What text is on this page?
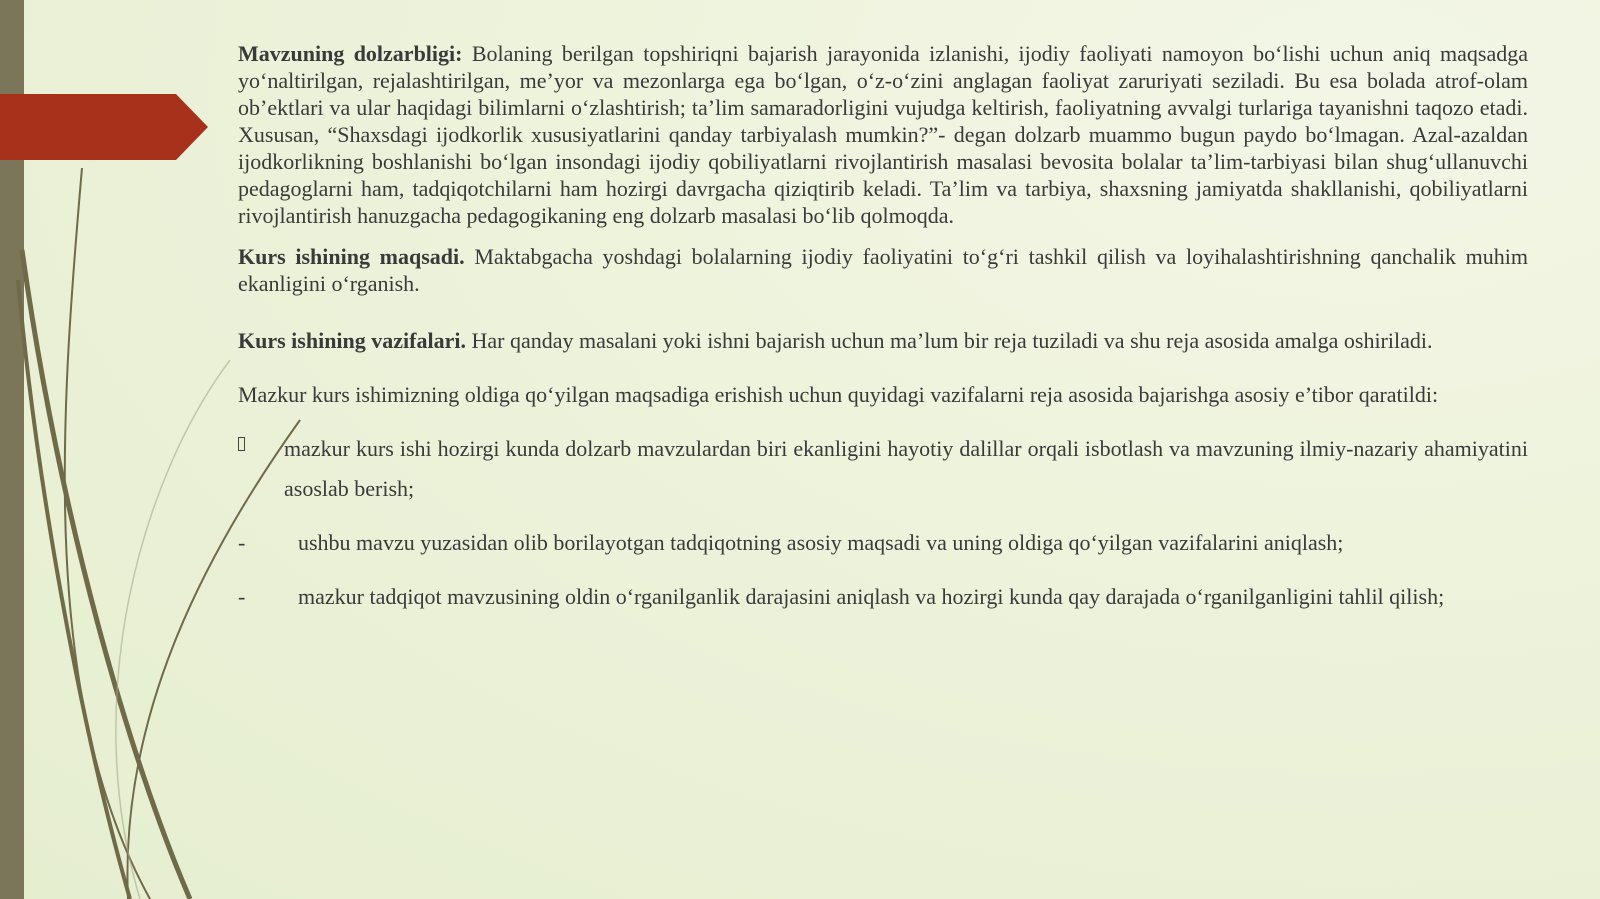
Mavzuning dolzarbligi: Bolaning berilgan topshiriqni bajarish jarayonida izlanishi, ijodiy faoliyati namoyon bo‘lishi uchun aniq maqsadga yo‘naltirilgan, rejalashtirilgan, me’yor va mezonlarga ega bo‘lgan, o‘z-o‘zini anglagan faoliyat zaruriyati seziladi. Bu esa bolada atrof-olam ob’ektlari va ular haqidagi bilimlarni o‘zlashtirish; ta’lim samaradorligini vujudga keltirish, faoliyatning avvalgi turlariga tayanishni taqozo etadi. Xususan, “Shaxsdagi ijodkorlik xususiyatlarini qanday tarbiyalash mumkin?”- degan dolzarb muammo bugun paydo bo‘lmagan. Azal-azaldan ijodkorlikning boshlanishi bo‘lgan insondagi ijodiy qobiliyatlarni rivojlantirish masalasi bevosita bolalar ta’lim-tarbiyasi bilan shug‘ullanuvchi pedagoglarni ham, tadqiqotchilarni ham hozirgi davrgacha qiziqtirib keladi. Ta’lim va tarbiya, shaxsning jamiyatda shakllanishi, qobiliyatlarni rivojlantirish hanuzgacha pedagogikaning eng dolzarb masalasi bo‘lib qolmoqda.

Kurs ishining maqsadi. Maktabgacha yoshdagi bolalarning ijodiy faoliyatini to‘g‘ri tashkil qilish va loyihalashtirishning qanchalik muhim ekanligini o‘rganish.

Kurs ishining vazifalari. Har qanday masalani yoki ishni bajarish uchun ma’lum bir reja tuziladi va shu reja asosida amalga oshiriladi.

Mazkur kurs ishimizning oldiga qo‘yilgan maqsadiga erishish uchun quyidagi vazifalarni reja asosida bajarishga asosiy e’tibor qaratildi:

mazkur kurs ishi hozirgi kunda dolzarb mavzulardan biri ekanligini hayotiy dalillar orqali isbotlash va mavzuning ilmiy-nazariy ahamiyatini asoslab berish;

- ushbu mavzu yuzasidan olib borilayotgan tadqiqotning asosiy maqsadi va uning oldiga qo‘yilgan vazifalarini aniqlash;

- mazkur tadqiqot mavzusining oldin o‘rganilganlik darajasini aniqlash va hozirgi kunda qay darajada o‘rganilganligini tahlil qilish;
